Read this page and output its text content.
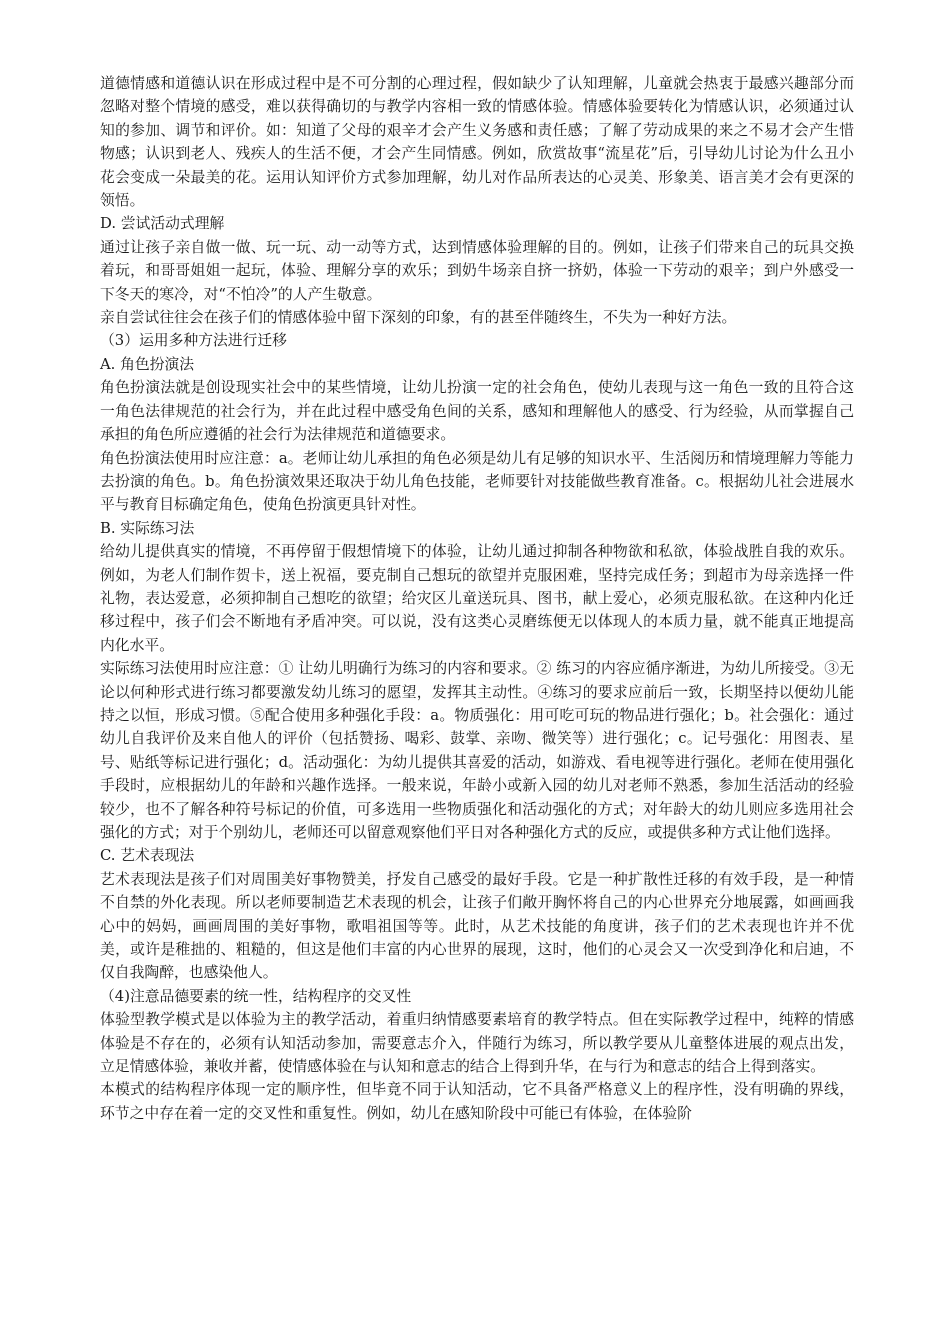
道德情感和道德认识在形成过程中是不可分割的心理过程，假如缺少了认知理解，儿童就会热衷于最感兴趣部分而忽略对整个情境的感受，难以获得确切的与教学内容相一致的情感体验。情感体验要转化为情感认识，必须通过认知的参加、调节和评价。如：知道了父母的艰辛才会产生义务感和责任感；了解了劳动成果的来之不易才会产生惜物感；认识到老人、残疾人的生活不便，才会产生同情感。例如，欣赏故事“流星花”后，引导幼儿讨论为什么丑小花会变成一朵最美的花。运用认知评价方式参加理解，幼儿对作品所表达的心灵美、形象美、语言美才会有更深的领悟。

D. 尝试活动式理解

通过让孩子亲自做一做、玩一玩、动一动等方式，达到情感体验理解的目的。例如，让孩子们带来自己的玩具交换着玩，和哥哥姐姐一起玩，体验、理解分享的欢乐；到奶牛场亲自挤一挤奶，体验一下劳动的艰辛；到户外感受一下冬天的寒冷，对“不怕冷”的人产生敬意。

亲自尝试往往会在孩子们的情感体验中留下深刻的印象，有的甚至伴随终生，不失为一种好方法。

（3）运用多种方法进行迁移

A. 角色扮演法

角色扮演法就是创设现实社会中的某些情境，让幼儿扮演一定的社会角色，使幼儿表现与这一角色一致的且符合这一角色法律规范的社会行为，并在此过程中感受角色间的关系，感知和理解他人的感受、行为经验，从而掌握自己承担的角色所应遵循的社会行为法律规范和道德要求。

角色扮演法使用时应注意：a。老师让幼儿承担的角色必须是幼儿有足够的知识水平、生活阅历和情境理解力等能力去扮演的角色。b。角色扮演效果还取决于幼儿角色技能，老师要针对技能做些教育准备。c。根据幼儿社会进展水平与教育目标确定角色，使角色扮演更具针对性。

B. 实际练习法

给幼儿提供真实的情境，不再停留于假想情境下的体验，让幼儿通过抑制各种物欲和私欲，体验战胜自我的欢乐。例如，为老人们制作贺卡，送上祝福，要克制自己想玩的欲望并克服困难，坚持完成任务；到超市为母亲选择一件礼物，表达爱意，必须抑制自己想吃的欲望；给灾区儿童送玩具、图书，献上爱心，必须克服私欲。在这种内化迁移过程中，孩子们会不断地有矛盾冲突。可以说，没有这类心灵磨练便无以体现人的本质力量，就不能真正地提高内化水平。

实际练习法使用时应注意：① 让幼儿明确行为练习的内容和要求。② 练习的内容应循序渐进，为幼儿所接受。③无论以何种形式进行练习都要激发幼儿练习的愿望，发挥其主动性。④练习的要求应前后一致，长期坚持以便幼儿能持之以恒，形成习惯。⑤配合使用多种强化手段：a。物质强化：用可吃可玩的物品进行强化；b。社会强化：通过幼儿自我评价及来自他人的评价（包括赞扬、喝彩、鼓掌、亲吻、微笑等）进行强化；c。记号强化：用图表、星号、贴纸等标记进行强化；d。活动强化：为幼儿提供其喜爱的活动，如游戏、看电视等进行强化。老师在使用强化手段时，应根据幼儿的年龄和兴趣作选择。一般来说，年龄小或新入园的幼儿对老师不熟悉，参加生活活动的经验较少，也不了解各种符号标记的价值，可多选用一些物质强化和活动强化的方式；对年龄大的幼儿则应多选用社会强化的方式；对于个别幼儿，老师还可以留意观察他们平日对各种强化方式的反应，或提供多种方式让他们选择。

C. 艺术表现法

艺术表现法是孩子们对周围美好事物赞美，抒发自己感受的最好手段。它是一种扩散性迁移的有效手段，是一种情不自禁的外化表现。所以老师要制造艺术表现的机会，让孩子们敞开胸怀将自己的内心世界充分地展露，如画画我心中的妈妈，画画周围的美好事物，歌唱祖国等等。此时，从艺术技能的角度讲，孩子们的艺术表现也许并不优美，或许是稚拙的、粗糙的，但这是他们丰富的内心世界的展现，这时，他们的心灵会又一次受到净化和启迪，不仅自我陶醉，也感染他人。

（4)注意品德要素的统一性，结构程序的交叉性

体验型教学模式是以体验为主的教学活动，着重归纳情感要素培育的教学特点。但在实际教学过程中，纯粹的情感体验是不存在的，必须有认知活动参加，需要意志介入，伴随行为练习，所以教学要从儿童整体进展的观点出发，立足情感体验，兼收并蓄，使情感体验在与认知和意志的结合上得到升华，在与行为和意志的结合上得到落实。

本模式的结构程序体现一定的顺序性，但毕竟不同于认知活动，它不具备严格意义上的程序性，没有明确的界线，环节之中存在着一定的交叉性和重复性。例如，幼儿在感知阶段中可能已有体验，在体验阶
